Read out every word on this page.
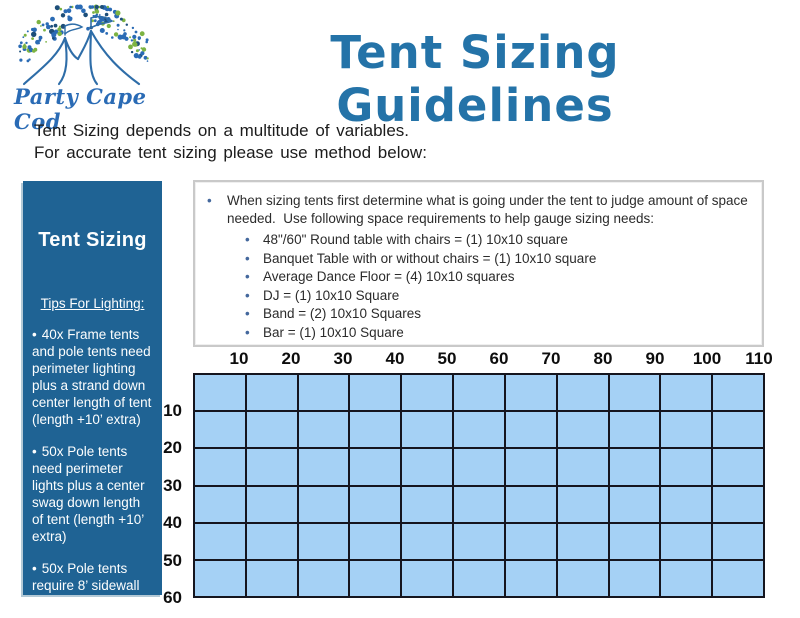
Party Cape Cod
Tent Sizing Guidelines
Tent Sizing depends on a multitude of variables.
For accurate tent sizing please use method below:
Tent Sizing
Tips For Lighting:
• 40x Frame tents and pole tents need perimeter lighting plus a strand down center length of tent (length +10’ extra)
• 50x Pole tents need perimeter lights plus a center swag down length of tent (length +10’ extra)
• 50x Pole tents require 8’ sidewall
•	When sizing tents first determine what is going under the tent to judge amount of space needed.  Use following space requirements to help gauge sizing needs:
• 48"/60" Round table with chairs = (1) 10x10 square
• Banquet Table with or without chairs = (1) 10x10 square
• Average Dance Floor = (4) 10x10 squares
• DJ = (1) 10x10 Square
• Band = (2) 10x10 Squares
• Bar = (1) 10x10 Square
10 20 30 40 50 60 70 80 90 100 110
10
20
30
40
50
60
